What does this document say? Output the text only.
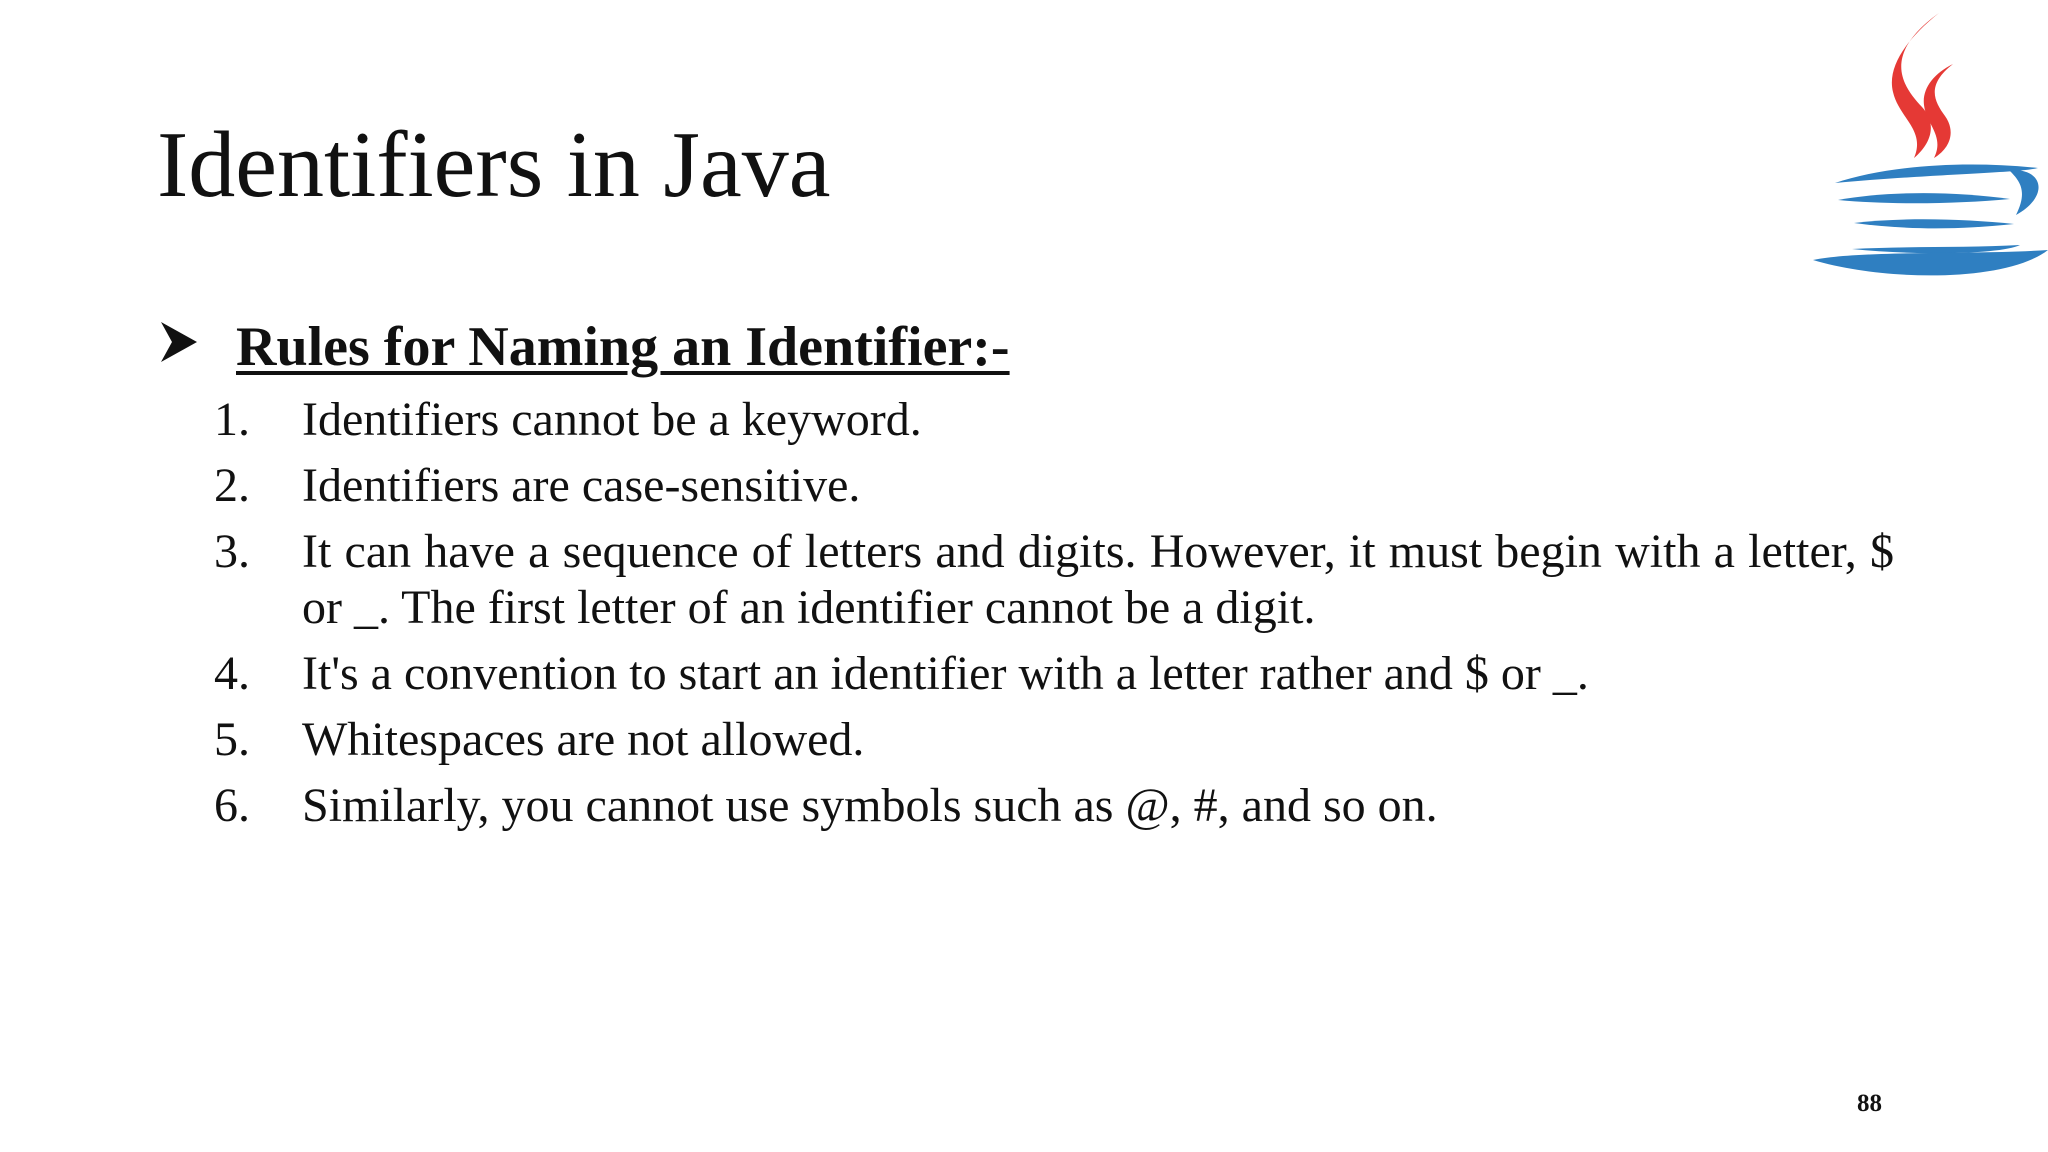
Identifiers in Java
Rules for Naming an Identifier:-
1.	Identifiers cannot be a keyword.
2.	Identifiers are case-sensitive.
3.	It can have a sequence of letters and digits. However, it must begin with a letter, $ or _. The first letter of an identifier cannot be a digit.
4.	It's a convention to start an identifier with a letter rather and $ or _.
5.	Whitespaces are not allowed.
6.	Similarly, you cannot use symbols such as @, #, and so on.
88
